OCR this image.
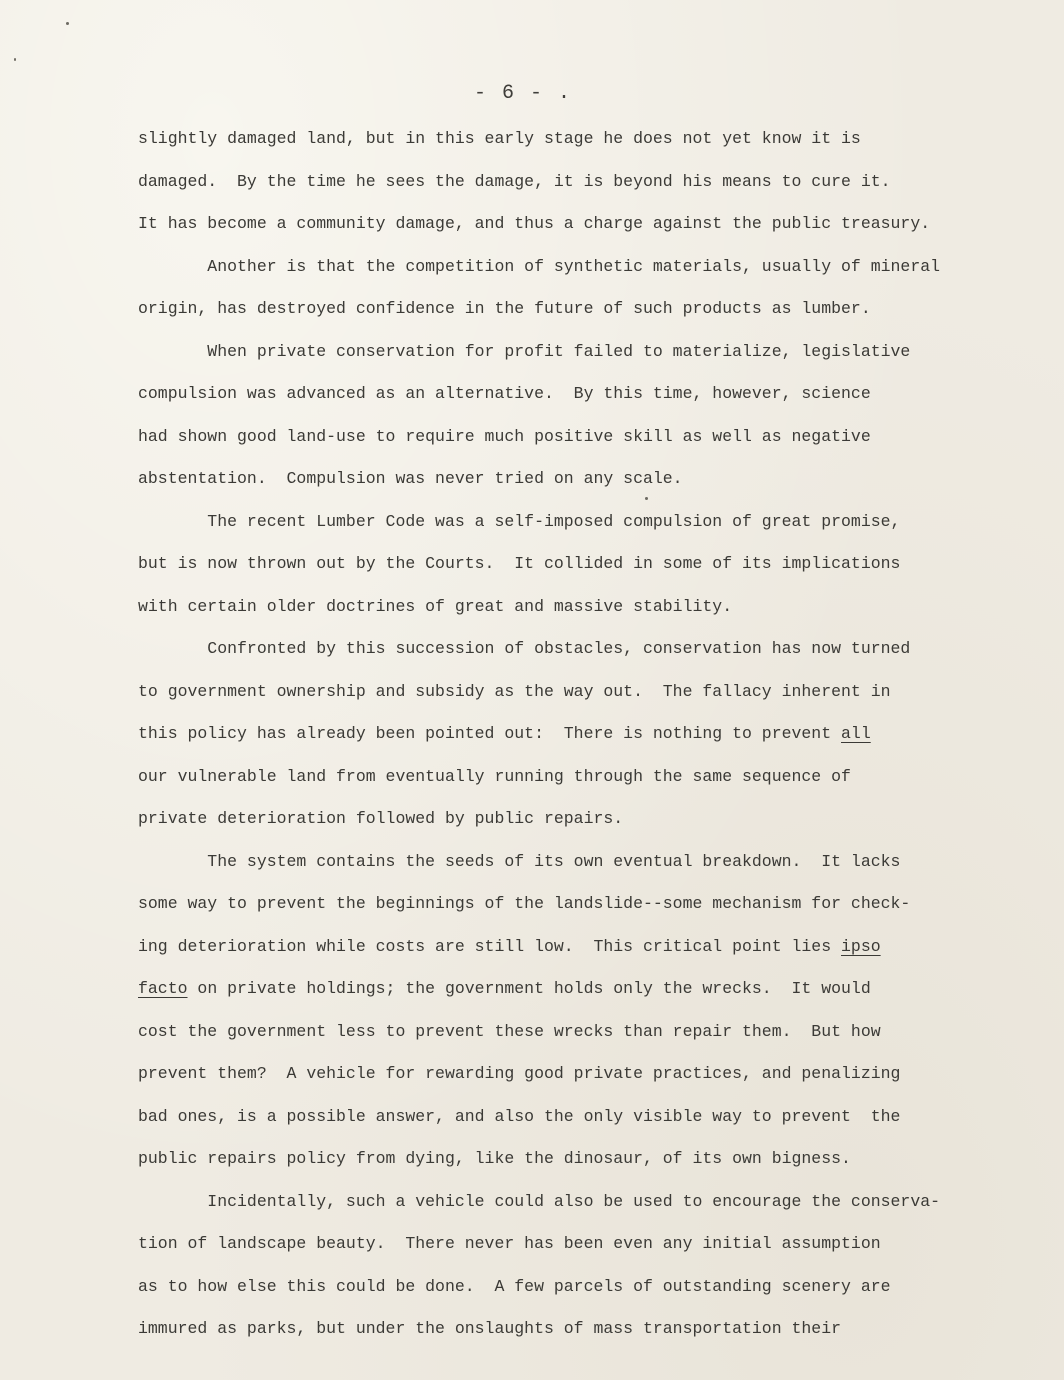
- 6 - .
slightly damaged land, but in this early stage he does not yet know it is
damaged.  By the time he sees the damage, it is beyond his means to cure it.
It has become a community damage, and thus a charge against the public treasury.
Another is that the competition of synthetic materials, usually of mineral
origin, has destroyed confidence in the future of such products as lumber.
When private conservation for profit failed to materialize, legislative
compulsion was advanced as an alternative.  By this time, however, science
had shown good land-use to require much positive skill as well as negative
abstentation.  Compulsion was never tried on any scale.
The recent Lumber Code was a self-imposed compulsion of great promise,
but is now thrown out by the Courts.  It collided in some of its implications
with certain older doctrines of great and massive stability.
Confronted by this succession of obstacles, conservation has now turned
to government ownership and subsidy as the way out.  The fallacy inherent in
this policy has already been pointed out:  There is nothing to prevent all
our vulnerable land from eventually running through the same sequence of
private deterioration followed by public repairs.
The system contains the seeds of its own eventual breakdown.  It lacks
some way to prevent the beginnings of the landslide--some mechanism for check-
ing deterioration while costs are still low.  This critical point lies ipso
facto on private holdings; the government holds only the wrecks.  It would
cost the government less to prevent these wrecks than repair them.  But how
prevent them?  A vehicle for rewarding good private practices, and penalizing
bad ones, is a possible answer, and also the only visible way to prevent  the
public repairs policy from dying, like the dinosaur, of its own bigness.
Incidentally, such a vehicle could also be used to encourage the conserva-
tion of landscape beauty.  There never has been even any initial assumption
as to how else this could be done.  A few parcels of outstanding scenery are
immured as parks, but under the onslaughts of mass transportation their
